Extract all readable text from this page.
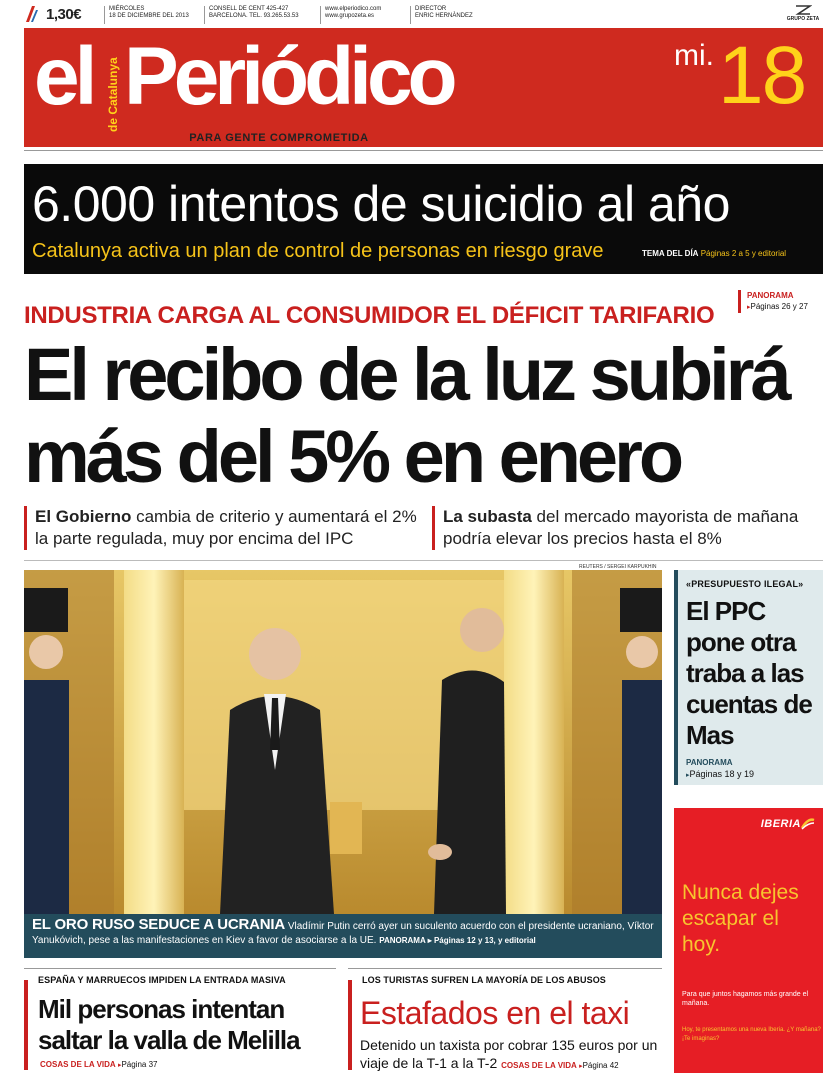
1,30€	MIÉRCOLES
18 DE DICIEMBRE DEL 2013
CONSELL DE CENT 425-427
BARCELONA. TEL. 93.265.53.53
www.elperiodico.com
www.grupozeta.es
DIRECTOR
ENRIC HERNÀNDEZ	GRUPO ZETA
el de Catalunya Periódico	mi. 18
PARA GENTE COMPROMETIDA
6.000 intentos de suicidio al año
Catalunya activa un plan de control de personas en riesgo grave	TEMA DEL DÍA Páginas 2 a 5 y editorial
INDUSTRIA CARGA AL CONSUMIDOR EL DÉFICIT TARIFARIO
PANORAMA
▸Páginas 26 y 27
El recibo de la luz subirá
más del 5% en enero
El Gobierno cambia de criterio y aumentará el 2% la parte regulada, muy por encima del IPC
La subasta del mercado mayorista de mañana podría elevar los precios hasta el 8%
REUTERS / SERGEI KARPUKHIN
EL ORO RUSO SEDUCE A UCRANIA Vladímir Putin cerró ayer un suculento acuerdo con el presidente ucraniano, Víktor Yanukóvich, pese a las manifestaciones en Kiev a favor de asociarse a la UE. PANORAMA ▸ Páginas 12 y 13, y editorial
«PRESUPUESTO ILEGAL»
El PPC pone otra traba a las cuentas de Mas
PANORAMA
▸Páginas 18 y 19
IBERIA
Nunca dejes escapar el hoy.
Para que juntos hagamos más grande el mañana.
Hoy, te presentamos una nueva Iberia. ¿Y mañana? ¡Te imaginas?
ESPAÑA Y MARRUECOS IMPIDEN LA ENTRADA MASIVA
Mil personas intentan saltar la valla de Melilla
COSAS DE LA VIDA ▸Página 37
LOS TURISTAS SUFREN LA MAYORÍA DE LOS ABUSOS
Estafados en el taxi
Detenido un taxista por cobrar 135 euros por un viaje de la T-1 a la T-2 COSAS DE LA VIDA ▸Página 42
